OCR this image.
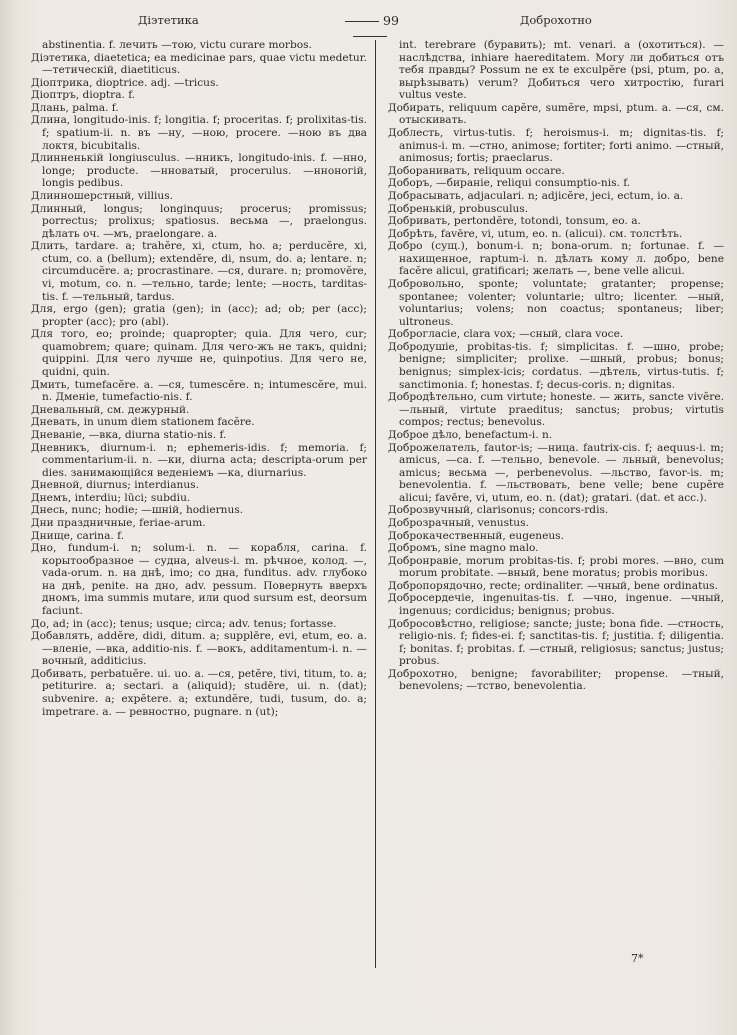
Діэтетика	99	Доброхотно

abstinentia. f. лечить —тою, victu curare morbos.

Діэтетика, diaetetica; ea medicinae pars, quae victu medetur. —тетическій, diaetiticus.

Діоптрика, dioptrice. adj. —tricus.

Діоптръ, dioptra. f.

Длань, palma. f.

Длина, longitudo-inis. f; longitia. f; proceritas. f; prolixitas-tis. f; spatium-ii. n. въ —ну, —ною, procere. —ною въ два локтя, bicubitalis.

Длинненькій longiusculus. —нникъ, longitudo-inis. f. —нно, longe; producte. —нноватый, procerulus. —нноногій, longis pedibus.

Длинношерстный, villius.

Длинный, longus; longinquus; procerus; promissus; porrectus; prolixus; spatiosus. весьма —, praelongus. дѣлать оч. —мъ, praelongare. a.

Длить, tardare. a; trahĕre, xi, ctum, ho. a; perducĕre, xi, ctum, co. a (bellum); extendĕre, di, nsum, do. a; lentare. n; circumducĕre. a; procrastinare. —ся, durare. n; promovĕre, vi, motum, co. n. —тельно, tarde; lente; —ность, tarditas-tis. f. —тельный, tardus.

Для, ergo (gen); gratia (gen); in (acc); ad; ob; per (acc); propter (acc); pro (abl).

Для того, eo; proinde; quapropter; quia. Для чего, cur; quamobrem; quare; quinam. Для чего-жъ не такъ, quidni; quippini. Для чего лучше не, quinpotius. Для чего не, quidni, quin.

Дмить, tumefacĕre. a. —ся, tumescĕre. n; intumescĕre, mui. n. Дменіе, tumefactio-nis. f.

Дневальный, см. дежурный.

Дневать, in unum diem stationem facĕre.

Дневаніе, —вка, diurna statio-nis. f.

Дневникъ, diurnum-i. n; ephemeris-idis. f; memoria. f; commentarium-ii. n. —ки, diurna acta; descripta-orum per dies. занимающійся веденіемъ —ка, diurnarius.

Дневной, diurnus; interdianus.

Днемъ, interdiu; lūci; subdiu.

Днесь, nunc; hodie; —шній, hodiernus.

Дни праздничные, feriae-arum.

Днище, carina. f.

Дно, fundum-i. n; solum-i. n. — корабля, carina. f. корытообразное — судна, alveus-i. m. рѣчное, колод. —, vada-orum. n. на днѣ, imo; со дна, funditus. adv. глубоко на днѣ, penite. на дно, adv. pessum. Повернуть вверхъ дномъ, ima summis mutare, или quod sursum est, deorsum faciunt.

До, ad; in (acc); tenus; usque; circa; adv. tenus; fortasse.

Добавлять, addĕre, didi, ditum. a; supplēre, evi, etum, eo. a. —вленіе, —вка, additio-nis. f. —вокъ, additamentum-i. n. —вочный, additicius.

Добивать, perbatuĕre. ui. uo. a. —ся, petĕre, tivi, titum, to. a; petiturire. a; sectari. a (aliquid); studēre, ui. n. (dat); subvenire. a; expĕtere. a; extundĕre, tudi, tusum, do. a; impetrare. a. — ревностно, pugnare. n (ut);

int. terebrare (буравить); mt. venari. a (охотиться). — наслѣдства, inhiare haereditatem. Могу ли добиться отъ тебя правды? Possum ne ex te exculpĕre (psi, ptum, po. a, вырѣзывать) verum? Добиться чего хитростію, furari vultus veste.

Добирать, reliquum capĕre, sumĕre, mpsi, ptum. a. —ся, см. отыскивать.

Доблесть, virtus-tutis. f; heroismus-i. m; dignitas-tis. f; animus-i. m. —стно, animose; fortiter; forti animo. —стный, animosus; fortis; praeclarus.

Доборанивать, reliquum occare.

Доборъ, —бираніе, reliqui consumptio-nis. f.

Добрасывать, adjaculari. n; adjicĕre, jeci, ectum, io. a.

Добренькій, probusculus.

Добривать, pertondĕre, totondi, tonsum, eo. a.

Добрѣть, favēre, vi, utum, eo. n. (alicui). см. толстѣть.

Добро (сущ.), bonum-i. n; bona-orum. n; fortunae. f. — нахищенное, raptum-i. n. дѣлать кому л. добро, bene facĕre alicui, gratificari; желать —, bene velle alicui.

Добровольно, sponte; voluntate; gratanter; propense; spontanee; volenter; voluntarie; ultro; licenter. —ный, voluntarius; volens; non coactus; spontaneus; liber; ultroneus.

Доброгласіе, clara vox; —сный, clara voce.

Добродушіе, probitas-tis. f; simplicitas. f. —шно, probe; benigne; simpliciter; prolixe. —шный, probus; bonus; benignus; simplex-icis; cordatus. —дѣтель, virtus-tutis. f; sanctimonia. f; honestas. f; decus-coris. n; dignitas.

Добродѣтельно, cum virtute; honeste. — жить, sancte vivĕre.—льный, virtute praeditus; sanctus; probus; virtutis compos; rectus; benevolus.

Доброе дѣло, benefactum-i. n.

Доброжелатель, fautor-is; —ница. fautrix-cis. f; aequus-i. m; amicus, —ca. f. —тельно, benevole. — льный, benevolus; amicus; весьма —, perbenevolus. —льство, favor-is. m; benevolentia. f. —льствовать, bene velle; bene cupĕre alicui; favēre, vi, utum, eo. n. (dat); gratari. (dat. et acc.).

Доброзвучный, clarisonus; concors-rdis.

Доброзрачный, venustus.

Доброкачественный, eugeneus.

Добромъ, sine magno malo.

Добронравіе, morum probitas-tis. f; probi mores. —вно, cum morum probitate. —вный, bene moratus; probis moribus.

Добропорядочно, recte; ordinaliter. —чный, bene ordinatus.

Добросердечіе, ingenuitas-tis. f. —чно, ingenue. —чный, ingenuus; cordicidus; benignus; probus.

Добросовѣстно, religiose; sancte; juste; bona fide. —стность, religio-nis. f; fides-ei. f; sanctitas-tis. f; justitia. f; diligentia. f; bonitas. f; probitas. f. —стный, religiosus; sanctus; justus; probus.

Доброхотно, benigne; favorabiliter; propense. —тный, benevolens; —тство, benevolentia.

7*
